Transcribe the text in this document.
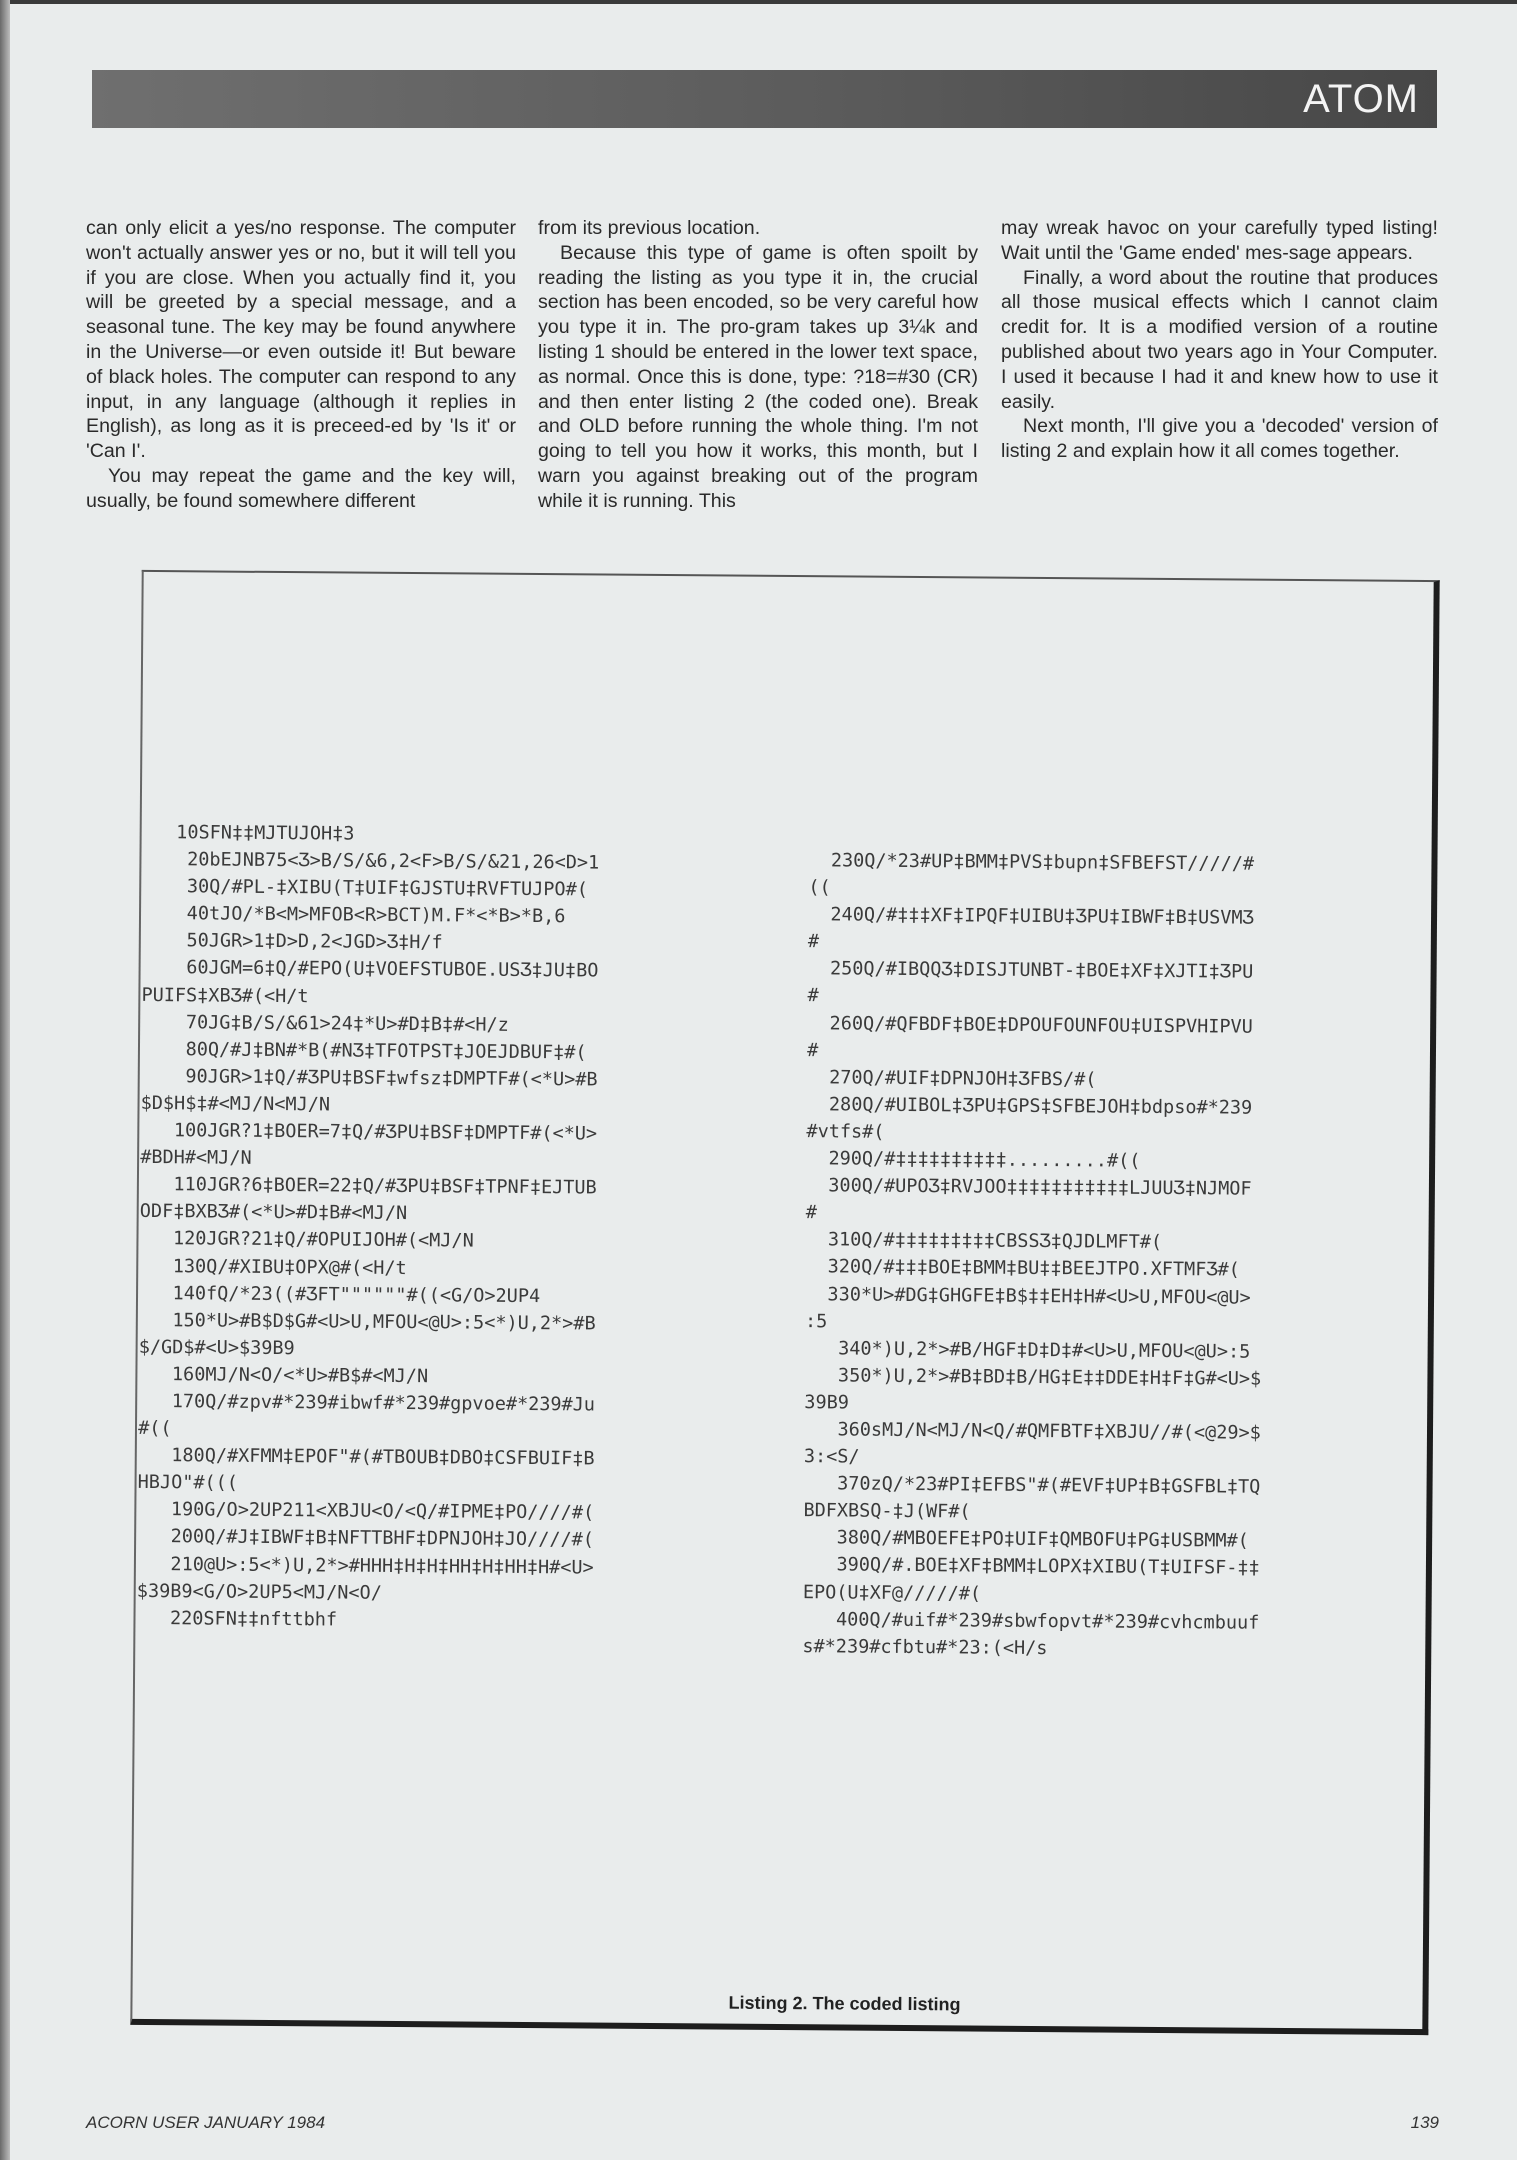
ATOM

can only elicit a yes/no response. The computer won't actually answer yes or no, but it will tell you if you are close. When you actually find it, you will be greeted by a special message, and a seasonal tune. The key may be found anywhere in the Universe—or even outside it! But beware of black holes. The computer can respond to any input, in any language (although it replies in English), as long as it is preceed-ed by 'Is it' or 'Can I'.

You may repeat the game and the key will, usually, be found somewhere different

from its previous location.

Because this type of game is often spoilt by reading the listing as you type it in, the crucial section has been encoded, so be very careful how you type it in. The pro-gram takes up 3¼k and listing 1 should be entered in the lower text space, as normal. Once this is done, type: ?18=#30 (CR) and then enter listing 2 (the coded one). Break and OLD before running the whole thing. I'm not going to tell you how it works, this month, but I warn you against breaking out of the program while it is running. This

may wreak havoc on your carefully typed listing! Wait until the 'Game ended' mes-sage appears.

Finally, a word about the routine that produces all those musical effects which I cannot claim credit for. It is a modified version of a routine published about two years ago in Your Computer. I used it because I had it and knew how to use it easily.

Next month, I'll give you a 'decoded' version of listing 2 and explain how it all comes together.

10SFN‡‡MJTUJOH‡3
20bEJNB75<Ʒ>B/S/&6,2<F>B/S/&21,26<D>1
30Q/#PL-‡XIBU(T‡UIF‡GJSTU‡RVFTUJPO#(
40tJO/*B<M>MFOB<R>BCT)M.F*<*B>*B,6
50JGR>1‡D>D,2<JGD>Ʒ‡H/f
60JGM=6‡Q/#EPO(U‡VOEFSTUBOE.USƷ‡JU‡BO
PUIFS‡XBƷ#(<H/t
70JG‡B/S/&61>24‡*U>#D‡B‡#<H/z
80Q/#J‡BN#*B(#NƷ‡TFOTPST‡JOEJDBUF‡#(
90JGR>1‡Q/#ƷPU‡BSF‡wfsz‡DMPTF#(<*U>#B
$D$H$‡#<MJ/N<MJ/N
100JGR?1‡BOER=7‡Q/#ƷPU‡BSF‡DMPTF#(<*U>
#BDH#<MJ/N
110JGR?6‡BOER=22‡Q/#ƷPU‡BSF‡TPNF‡EJTUB
ODF‡BXBƷ#(<*U>#D‡B#<MJ/N
120JGR?21‡Q/#OPUIJOH#(<MJ/N
130Q/#XIBU‡OPX@#(<H/t
140fQ/*23((#ƷFT""""""#((<G/O>2UP4
150*U>#B$D$G#<U>U,MFOU<@U>:5<*)U,2*>#B
$/GD$#<U>$39B9
160MJ/N<O/<*U>#B$#<MJ/N
170Q/#zpv#*239#ibwf#*239#gpvoe#*239#Ju
#((
180Q/#XFMM‡EPOF"#(#TBOUB‡DBO‡CSFBUIF‡B
HBJO"#(((
190G/O>2UP211<XBJU<O/<Q/#IPME‡PO////#(
200Q/#J‡IBWF‡B‡NFTTBHF‡DPNJOH‡JO////#(
210@U>:5<*)U,2*>#HHH‡H‡H‡HH‡H‡HH‡H#<U>
$39B9<G/O>2UP5<MJ/N<O/
220SFN‡‡nfttbhf
230Q/*23#UP‡BMM‡PVS‡bupn‡SFBEFST/////#
((
240Q/#‡‡‡XF‡IPQF‡UIBU‡ƷPU‡IBWF‡B‡USVMƷ
#
250Q/#IBQQƷ‡DISJTUNBT-‡BOE‡XF‡XJTI‡ƷPU
#
260Q/#QFBDF‡BOE‡DPOUFOUNFOU‡UISPVHIPVU
#
270Q/#UIF‡DPNJOH‡ƷFBS/#(
280Q/#UIBOL‡ƷPU‡GPS‡SFBEJOH‡bdpso#*239
#vtfs#(
290Q/#‡‡‡‡‡‡‡‡‡‡.........#((
300Q/#UPOƷ‡RVJOO‡‡‡‡‡‡‡‡‡‡‡LJUUƷ‡NJMOF
#
310Q/#‡‡‡‡‡‡‡‡‡CBSSƷ‡QJDLMFT#(
320Q/#‡‡‡BOE‡BMM‡BU‡‡BEEJTPO.XFTMFƷ#(
330*U>#DG‡GHGFE‡B$‡‡EH‡H#<U>U,MFOU<@U>
:5
340*)U,2*>#B/HGF‡D‡D‡#<U>U,MFOU<@U>:5
350*)U,2*>#B‡BD‡B/HG‡E‡‡DDE‡H‡F‡G#<U>$
39B9
360sMJ/N<MJ/N<Q/#QMFBTF‡XBJU//#(<@29>$
3:<S/
370zQ/*23#PI‡EFBS"#(#EVF‡UP‡B‡GSFBL‡TQ
BDFXBSQ-‡J(WF#(
380Q/#MBOEFE‡PO‡UIF‡QMBOFU‡PG‡USBMM#(
390Q/#.BOE‡XF‡BMM‡LOPX‡XIBU(T‡UIFSF-‡‡
EPO(U‡XF@/////#(
400Q/#uif#*239#sbwfopvt#*239#cvhcmbuuf
s#*239#cfbtu#*23:(<H/s
Listing 2. The coded listing
ACORN USER JANUARY 1984	139
